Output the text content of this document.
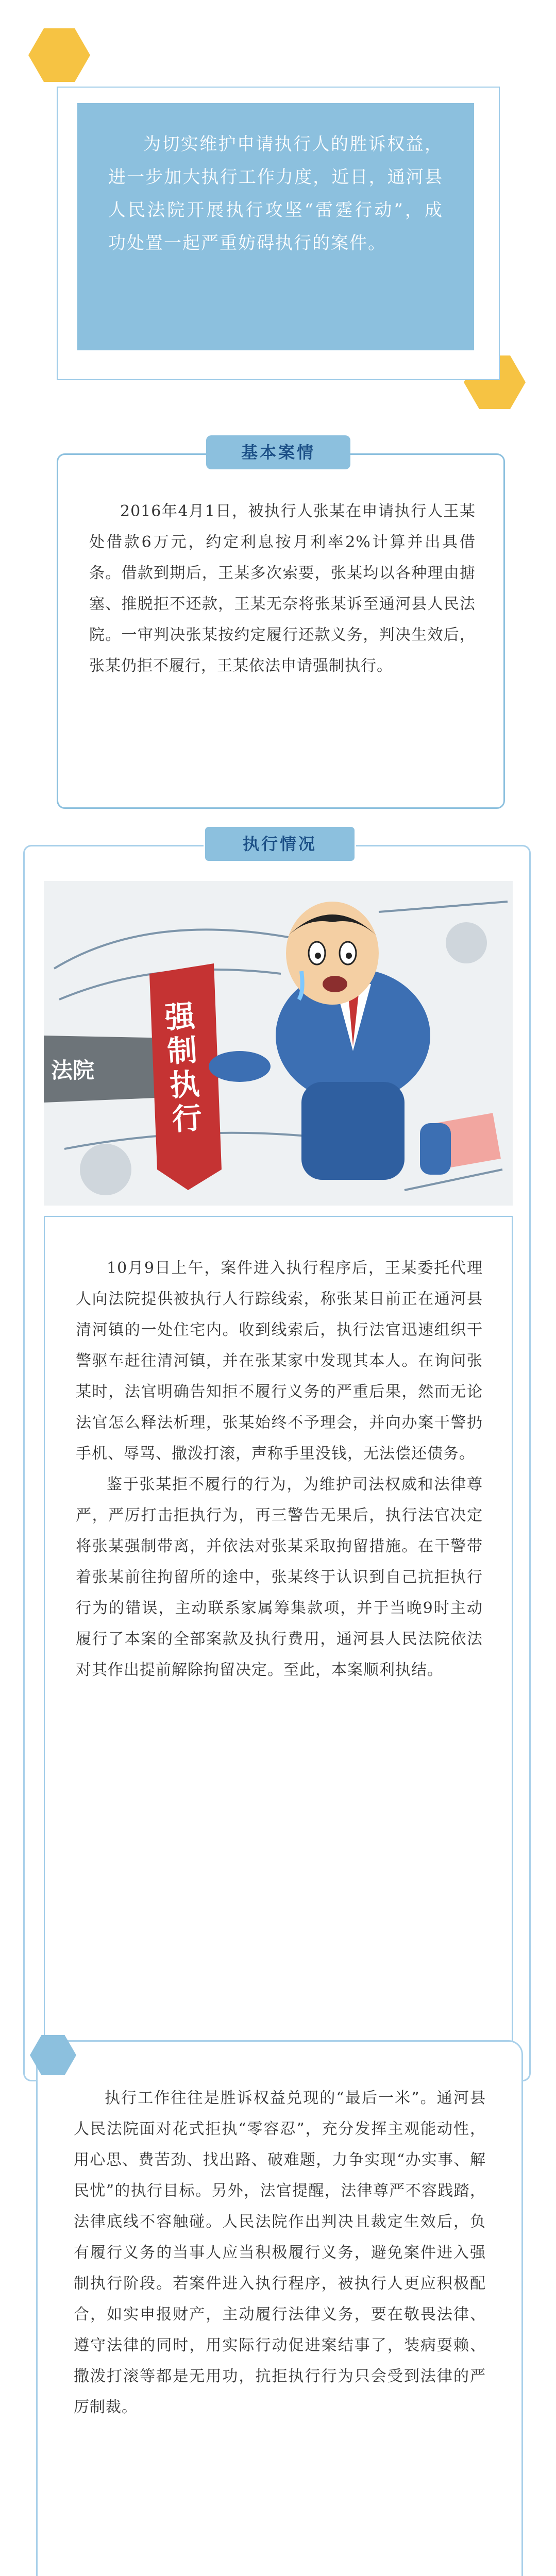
为切实维护申请执行人的胜诉权益，进一步加大执行工作力度，近日，通河县人民法院开展执行攻坚“雷霆行动”，成功处置一起严重妨碍执行的案件。

2016年4月1日，被执行人张某在申请执行人王某处借款6万元，约定利息按月利率2%计算并出具借条。借款到期后，王某多次索要，张某均以各种理由搪塞、推脱拒不还款，王某无奈将张某诉至通河县人民法院。一审判决张某按约定履行还款义务，判决生效后，张某仍拒不履行，王某依法申请强制执行。

基本案情
执行情况
法院
强制执行

10月9日上午，案件进入执行程序后，王某委托代理人向法院提供被执行人行踪线索，称张某目前正在通河县清河镇的一处住宅内。收到线索后，执行法官迅速组织干警驱车赶往清河镇，并在张某家中发现其本人。在询问张某时，法官明确告知拒不履行义务的严重后果，然而无论法官怎么释法析理，张某始终不予理会，并向办案干警扔手机、辱骂、撒泼打滚，声称手里没钱，无法偿还债务。

鉴于张某拒不履行的行为，为维护司法权威和法律尊严，严厉打击拒执行为，再三警告无果后，执行法官决定将张某强制带离，并依法对张某采取拘留措施。在干警带着张某前往拘留所的途中，张某终于认识到自己抗拒执行行为的错误，主动联系家属筹集款项，并于当晚9时主动履行了本案的全部案款及执行费用，通河县人民法院依法对其作出提前解除拘留决定。至此，本案顺利执结。

执行工作往往是胜诉权益兑现的“最后一米”。通河县人民法院面对花式拒执“零容忍”，充分发挥主观能动性，用心思、费苦劲、找出路、破难题，力争实现“办实事、解民忧”的执行目标。另外，法官提醒，法律尊严不容践踏，法律底线不容触碰。人民法院作出判决且裁定生效后，负有履行义务的当事人应当积极履行义务，避免案件进入强制执行阶段。若案件进入执行程序，被执行人更应积极配合，如实申报财产，主动履行法律义务，要在敬畏法律、遵守法律的同时，用实际行动促进案结事了，装病耍赖、撒泼打滚等都是无用功，抗拒执行行为只会受到法律的严厉制裁。
